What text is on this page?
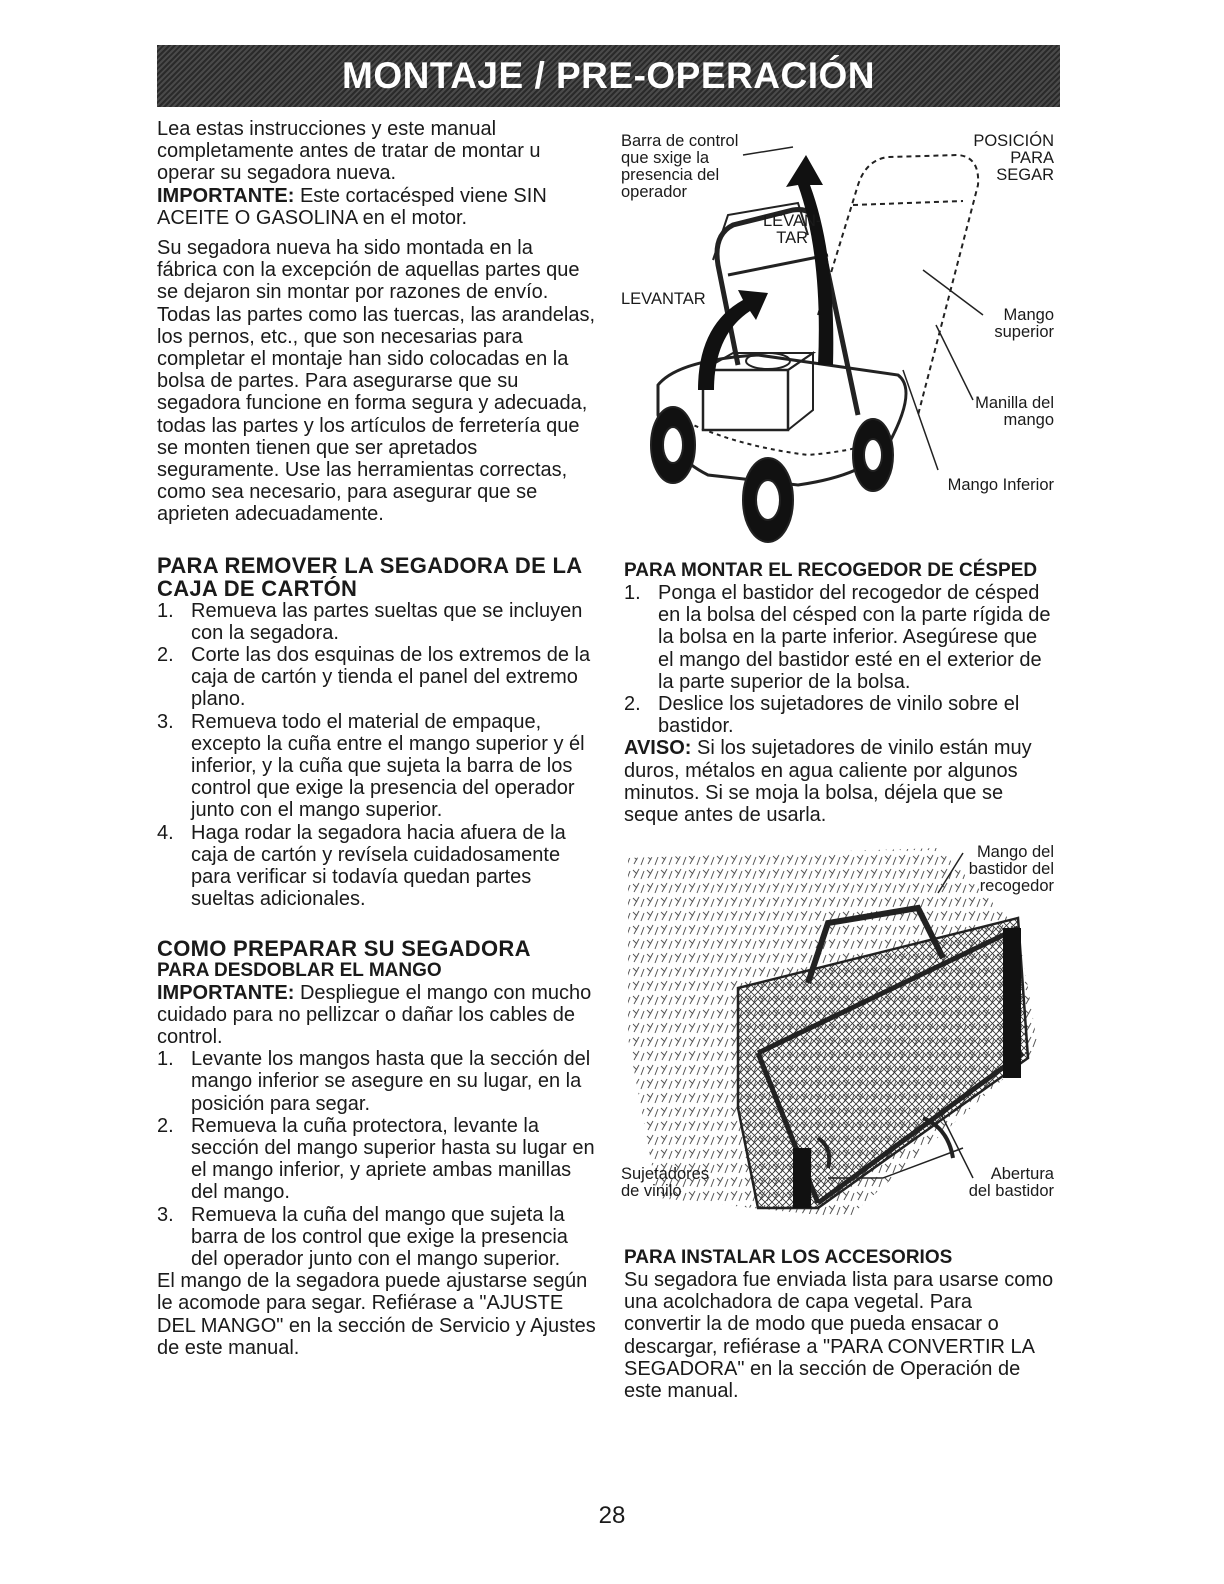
MONTAJE / PRE-OPERACIÓN

Lea estas instrucciones y este manual completamente antes de tratar de montar u operar su segadora nueva.

IMPORTANTE: Este cortacésped viene SIN ACEITE O GASOLINA en el motor.

Su segadora nueva ha sido montada en la fábrica con la excepción de aquellas partes que se dejaron sin montar por razones de envío. Todas las partes como las tuercas, las arandelas, los pernos, etc., que son necesarias para completar el montaje han sido colocadas en la bolsa de partes. Para asegurarse que su segadora funcione en forma segura y adecuada, todas las partes y los artículos de ferretería que se monten tienen que ser apretados seguramente. Use las herramientas correctas, como sea necesario, para asegurar que se aprieten adecuadamente.

PARA REMOVER LA SEGADORA DE LA CAJA DE CARTÓN
1. Remueva las partes sueltas que se incluyen con la segadora.
2. Corte las dos esquinas de los extremos de la caja de cartón y tienda el panel del extremo plano.
3. Remueva todo el material de empaque, excepto la cuña entre el mango superior y él inferior, y la cuña que sujeta la barra de los control que exige la presencia del operador junto con el mango superior.
4. Haga rodar la segadora hacia afuera de la caja de cartón y revísela cuidadosamente para verificar si todavía quedan partes sueltas adicionales.
COMO PREPARAR SU SEGADORA
PARA DESDOBLAR EL MANGO

IMPORTANTE: Despliegue el mango con mucho cuidado para no pellizcar o dañar los cables de control.

1. Levante los mangos hasta que la sección del mango inferior se asegure en su lugar, en la posición para segar.
2. Remueva la cuña protectora, levante la sección del mango superior hasta su lugar en el mango inferior, y apriete ambas manillas del mango.
3. Remueva la cuña del mango que sujeta la barra de los control que exige la presencia del operador junto con el mango superior.

El mango de la segadora puede ajustarse según le acomode para segar. Refiérase a "AJUSTE DEL MANGO" en la sección de Servicio y Ajustes de este manual.

Barra de control
que sxige la
presencia del
operador
LEVAN-
TAR
LEVANTAR
POSICIÓN
PARA
SEGAR
Mango
superior
Manilla del
mango
Mango Inferior
PARA MONTAR EL RECOGEDOR DE CÉSPED
1. Ponga el bastidor del recogedor de césped en la bolsa del césped con la parte rígida de la bolsa en la parte inferior. Asegúrese que el mango del bastidor esté en el exterior de la parte superior de la bolsa.
2. Deslice los sujetadores de vinilo sobre el bastidor.

AVISO: Si los sujetadores de vinilo están muy duros, métalos en agua caliente por algunos minutos. Si se moja la bolsa, déjela que se seque antes de usarla.

Mango del
bastidor del
recogedor
Sujetadores
de vinilo
Abertura
del bastidor
PARA INSTALAR LOS ACCESORIOS

Su segadora fue enviada lista para usarse como una acolchadora de capa vegetal. Para convertir la de modo que pueda ensacar o descargar, refiérase a "PARA CONVERTIR LA SEGADORA" en la sección de Operación de este manual.

28
